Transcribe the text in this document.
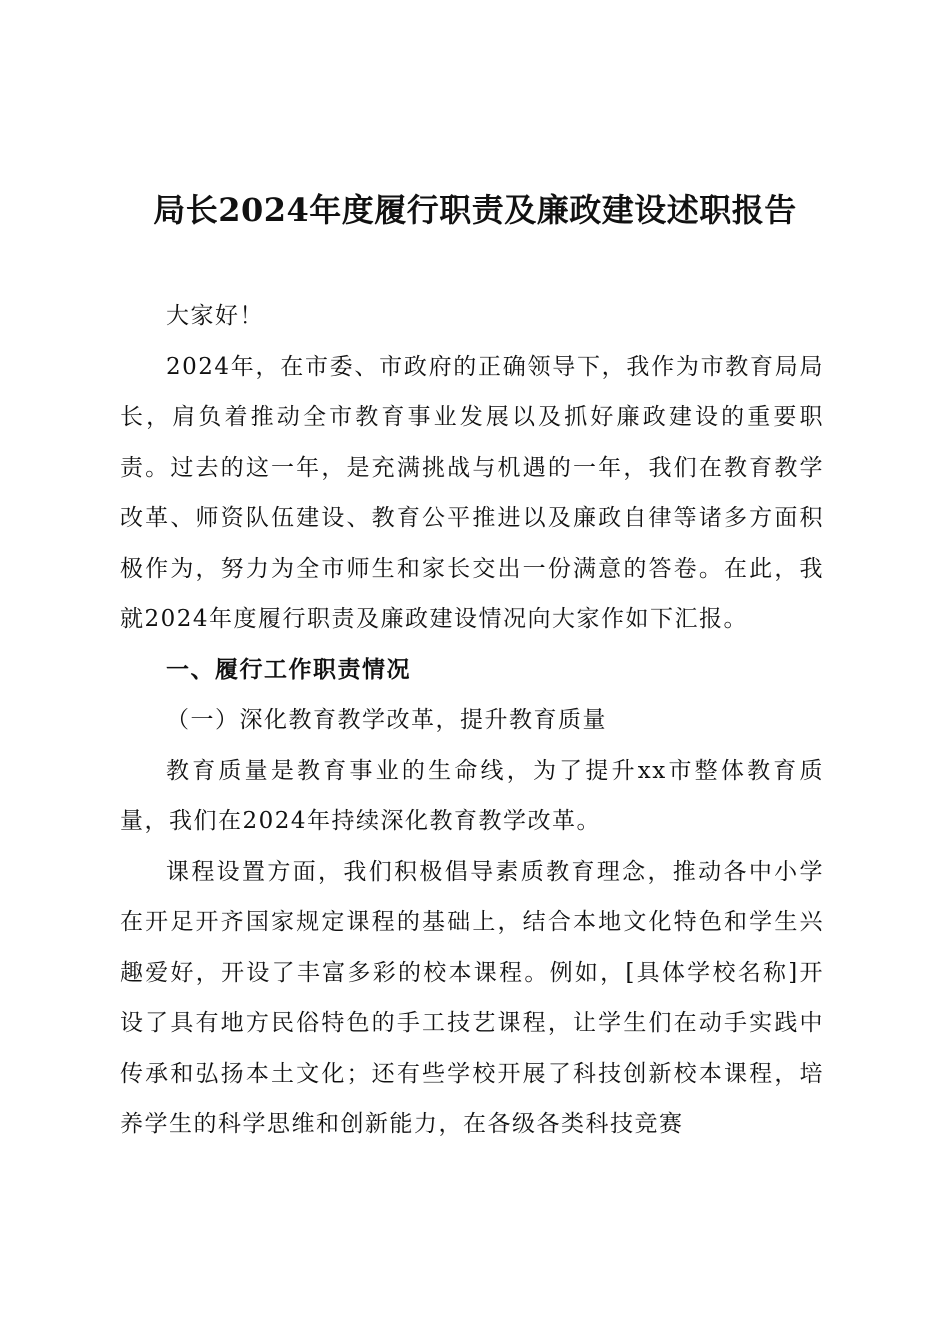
局长2024年度履行职责及廉政建设述职报告

大家好！

2024年，在市委、市政府的正确领导下，我作为市教育局局长，肩负着推动全市教育事业发展以及抓好廉政建设的重要职责。过去的这一年，是充满挑战与机遇的一年，我们在教育教学改革、师资队伍建设、教育公平推进以及廉政自律等诸多方面积极作为，努力为全市师生和家长交出一份满意的答卷。在此，我就2024年度履行职责及廉政建设情况向大家作如下汇报。

一、履行工作职责情况

（一）深化教育教学改革，提升教育质量

教育质量是教育事业的生命线，为了提升xx市整体教育质量，我们在2024年持续深化教育教学改革。

课程设置方面，我们积极倡导素质教育理念，推动各中小学在开足开齐国家规定课程的基础上，结合本地文化特色和学生兴趣爱好，开设了丰富多彩的校本课程。例如，[具体学校名称]开设了具有地方民俗特色的手工技艺课程，让学生们在动手实践中传承和弘扬本土文化；还有些学校开展了科技创新校本课程，培养学生的科学思维和创新能力，在各级各类科技竞赛
